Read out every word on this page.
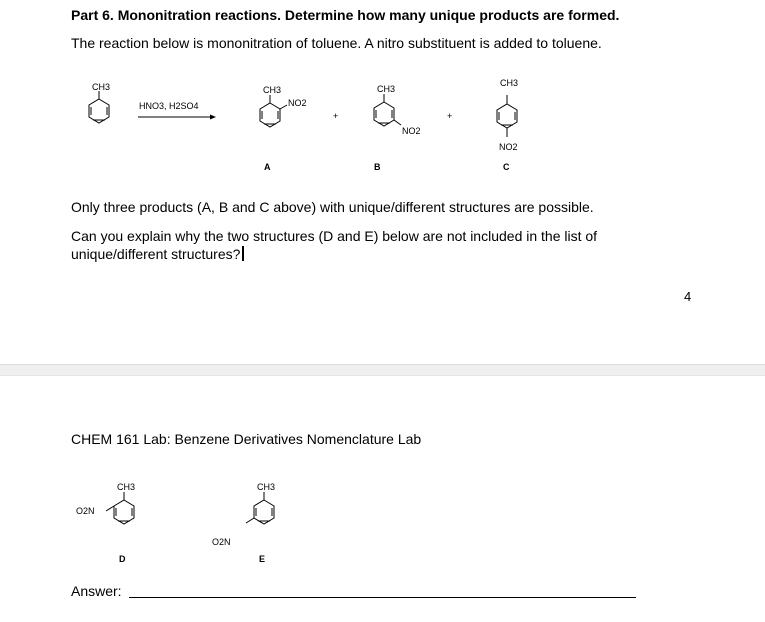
Part 6. Mononitration reactions. Determine how many unique products are formed.
The reaction below is mononitration of toluene. A nitro substituent is added to toluene.
CH3
HNO3, H2SO4
CH3
NO2
A
+
CH3
NO2
B
+
CH3
NO2
C
CH3
O2N
D
CH3
O2N
E
Only three products (A, B and C above) with unique/different structures are possible.
Can you explain why the two structures (D and E) below are not included in the list of unique/different structures?
4
CHEM 161 Lab: Benzene Derivatives Nomenclature Lab
Answer:
